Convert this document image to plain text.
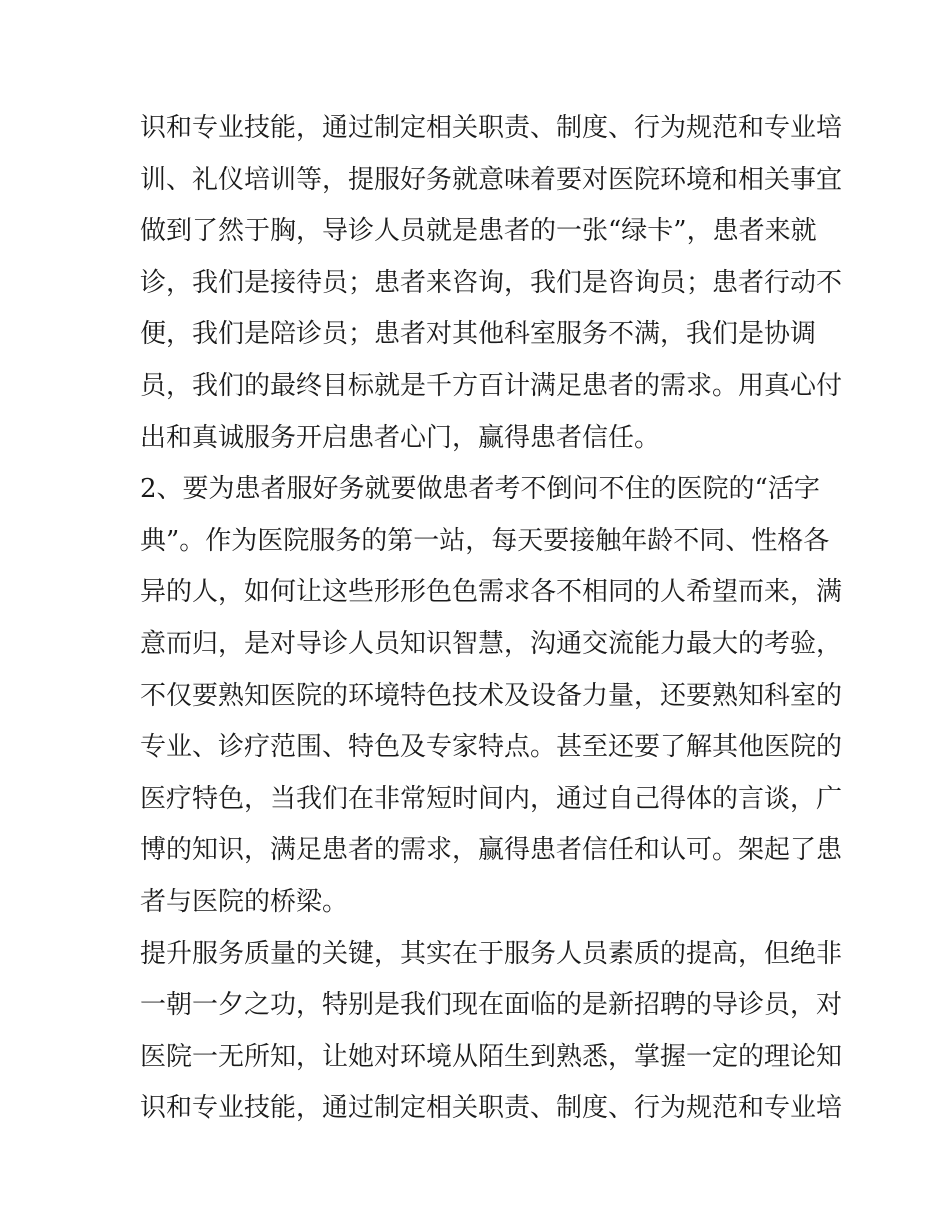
识和专业技能，通过制定相关职责、制度、行为规范和专业培
训、礼仪培训等，提服好务就意味着要对医院环境和相关事宜
做到了然于胸，导诊人员就是患者的一张“绿卡”，患者来就
诊，我们是接待员；患者来咨询，我们是咨询员；患者行动不
便，我们是陪诊员；患者对其他科室服务不满，我们是协调
员，我们的最终目标就是千方百计满足患者的需求。用真心付
出和真诚服务开启患者心门，赢得患者信任。
2、要为患者服好务就要做患者考不倒问不住的医院的“活字
典”。作为医院服务的第一站，每天要接触年龄不同、性格各
异的人，如何让这些形形色色需求各不相同的人希望而来，满
意而归，是对导诊人员知识智慧，沟通交流能力最大的考验，
不仅要熟知医院的环境特色技术及设备力量，还要熟知科室的
专业、诊疗范围、特色及专家特点。甚至还要了解其他医院的
医疗特色，当我们在非常短时间内，通过自己得体的言谈，广
博的知识，满足患者的需求，赢得患者信任和认可。架起了患
者与医院的桥梁。
提升服务质量的关键，其实在于服务人员素质的提高，但绝非
一朝一夕之功，特别是我们现在面临的是新招聘的导诊员，对
医院一无所知，让她对环境从陌生到熟悉，掌握一定的理论知
识和专业技能，通过制定相关职责、制度、行为规范和专业培
